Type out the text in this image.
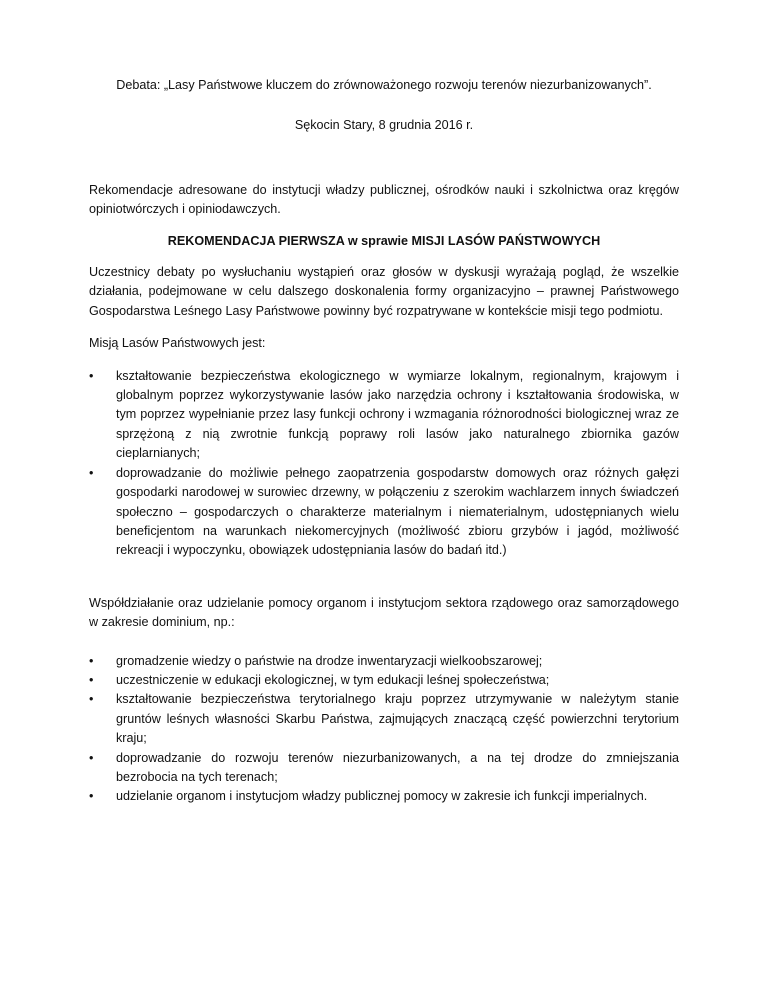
Debata: „Lasy Państwowe kluczem do zrównoważonego rozwoju terenów niezurbanizowanych”.

Sękocin Stary, 8 grudnia 2016 r.

Rekomendacje adresowane do instytucji władzy publicznej, ośrodków nauki i szkolnictwa oraz kręgów opiniotwórczych i opiniodawczych.

REKOMENDACJA PIERWSZA w sprawie MISJI LASÓW PAŃSTWOWYCH

Uczestnicy debaty po wysłuchaniu wystąpień oraz głosów w dyskusji wyrażają pogląd, że wszelkie działania, podejmowane w celu dalszego doskonalenia formy organizacyjno – prawnej Państwowego Gospodarstwa Leśnego Lasy Państwowe powinny być rozpatrywane w kontekście misji tego podmiotu.

Misją Lasów Państwowych jest:

• kształtowanie bezpieczeństwa ekologicznego w wymiarze lokalnym, regionalnym, krajowym i globalnym poprzez wykorzystywanie lasów jako narzędzia ochrony i kształtowania środowiska, w tym poprzez wypełnianie przez lasy funkcji ochrony i wzmagania różnorodności biologicznej wraz ze sprzężoną z nią zwrotnie funkcją poprawy roli lasów jako naturalnego zbiornika gazów cieplarnianych;
• doprowadzanie do możliwie pełnego zaopatrzenia gospodarstw domowych oraz różnych gałęzi gospodarki narodowej w surowiec drzewny, w połączeniu z szerokim wachlarzem innych świadczeń społeczno – gospodarczych o charakterze materialnym i niematerialnym, udostępnianych wielu beneficjentom na warunkach niekomercyjnych (możliwość zbioru grzybów i jagód, możliwość rekreacji i wypoczynku, obowiązek udostępniania lasów do badań itd.)

Współdziałanie oraz udzielanie pomocy organom i instytucjom sektora rządowego oraz samorządowego w zakresie dominium, np.:

• gromadzenie wiedzy o państwie na drodze inwentaryzacji wielkoobszarowej;
• uczestniczenie w edukacji ekologicznej, w tym edukacji leśnej społeczeństwa;
• kształtowanie bezpieczeństwa terytorialnego kraju poprzez utrzymywanie w należytym stanie gruntów leśnych własności Skarbu Państwa, zajmujących znaczącą część powierzchni terytorium kraju;
• doprowadzanie do rozwoju terenów niezurbanizowanych, a na tej drodze do zmniejszania bezrobocia na tych terenach;
• udzielanie organom i instytucjom władzy publicznej pomocy w zakresie ich funkcji imperialnych.
